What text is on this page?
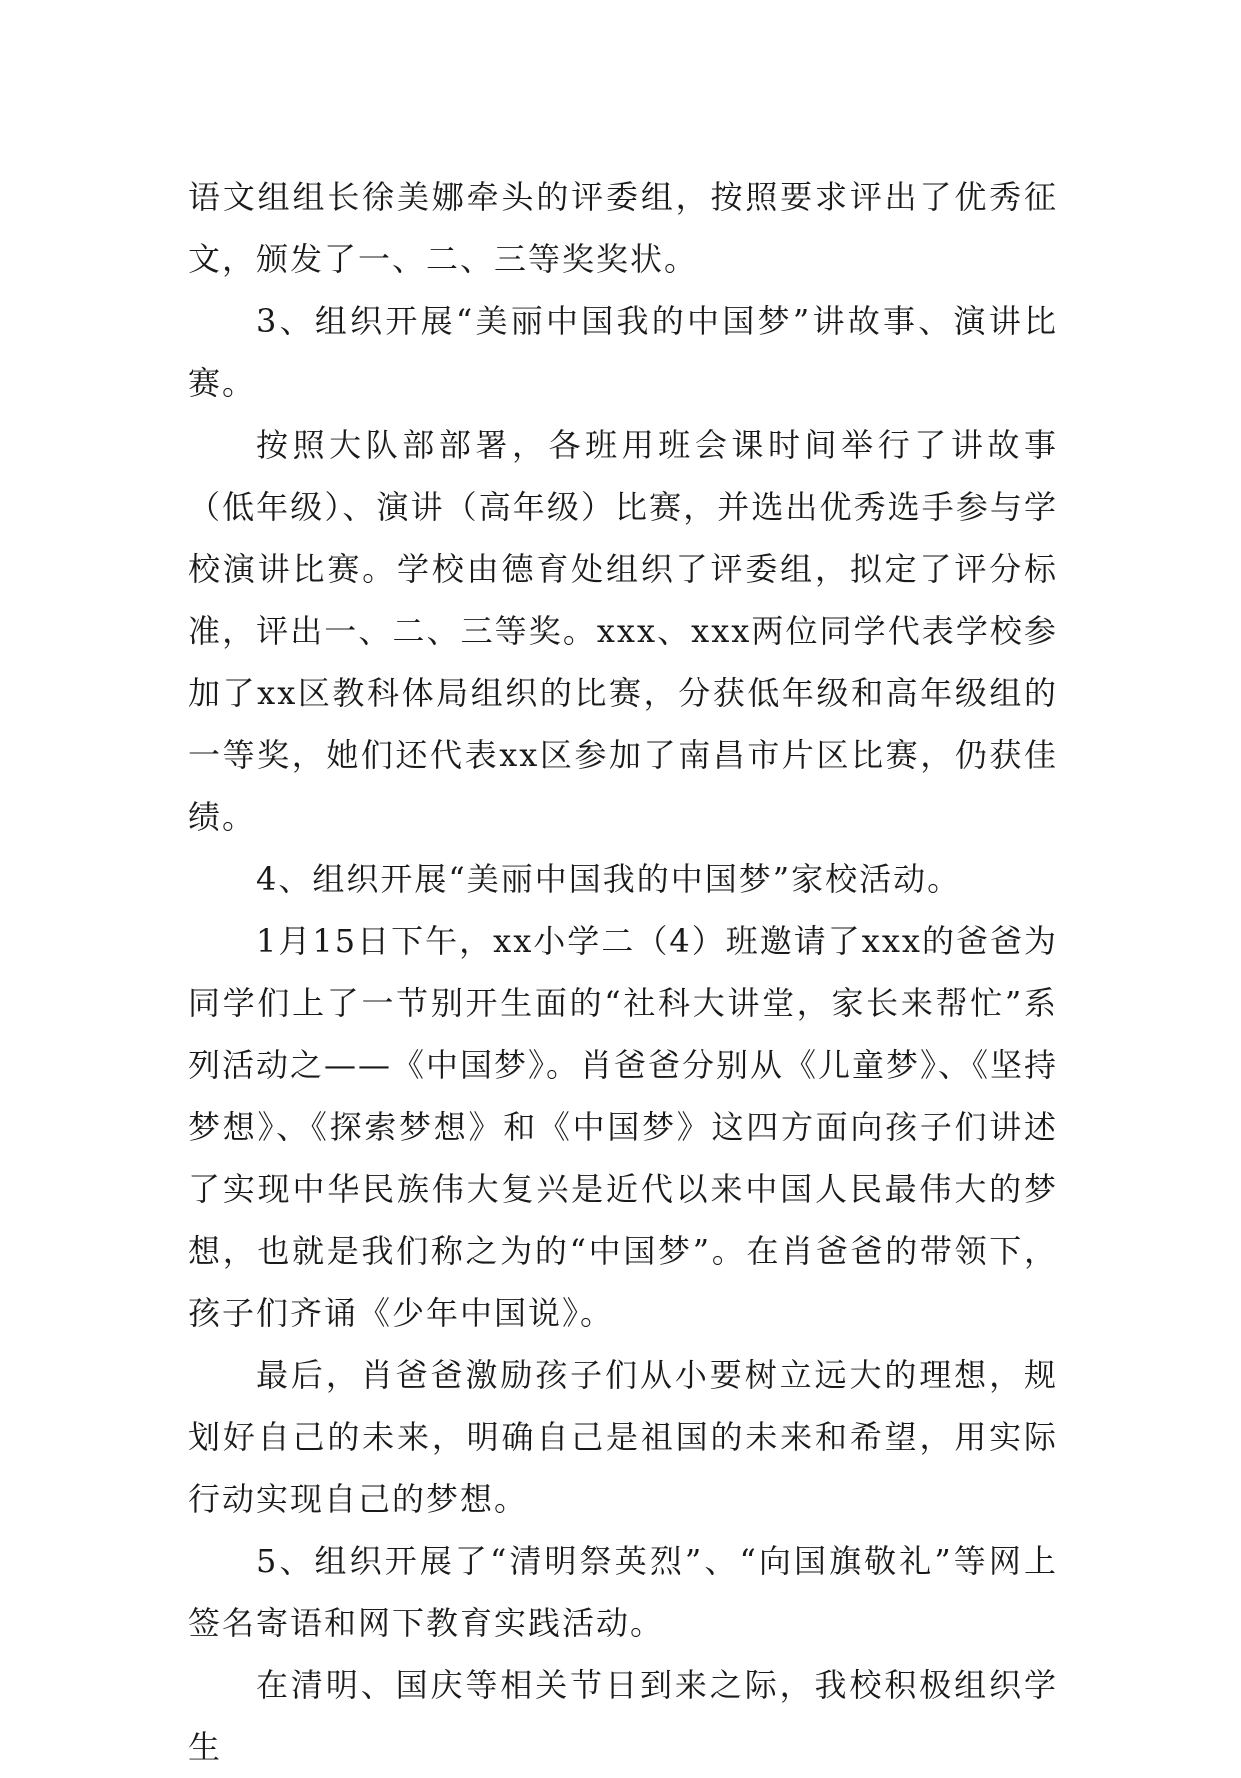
语文组组长徐美娜牵头的评委组，按照要求评出了优秀征文，颁发了一、二、三等奖奖状。

3、组织开展“美丽中国我的中国梦”讲故事、演讲比赛。

按照大队部部署，各班用班会课时间举行了讲故事（低年级）、演讲（高年级）比赛，并选出优秀选手参与学校演讲比赛。学校由德育处组织了评委组，拟定了评分标准，评出一、二、三等奖。xxx、xxx两位同学代表学校参加了xx区教科体局组织的比赛，分获低年级和高年级组的一等奖，她们还代表xx区参加了南昌市片区比赛，仍获佳绩。

4、组织开展“美丽中国我的中国梦”家校活动。

1月15日下午，xx小学二（4）班邀请了xxx的爸爸为同学们上了一节别开生面的“社科大讲堂，家长来帮忙”系列活动之——《中国梦》。肖爸爸分别从《儿童梦》、《坚持梦想》、《探索梦想》和《中国梦》这四方面向孩子们讲述了实现中华民族伟大复兴是近代以来中国人民最伟大的梦想，也就是我们称之为的“中国梦”。在肖爸爸的带领下，孩子们齐诵《少年中国说》。

最后，肖爸爸激励孩子们从小要树立远大的理想，规划好自己的未来，明确自己是祖国的未来和希望，用实际行动实现自己的梦想。

5、组织开展了“清明祭英烈”、“向国旗敬礼”等网上签名寄语和网下教育实践活动。

在清明、国庆等相关节日到来之际，我校积极组织学生
